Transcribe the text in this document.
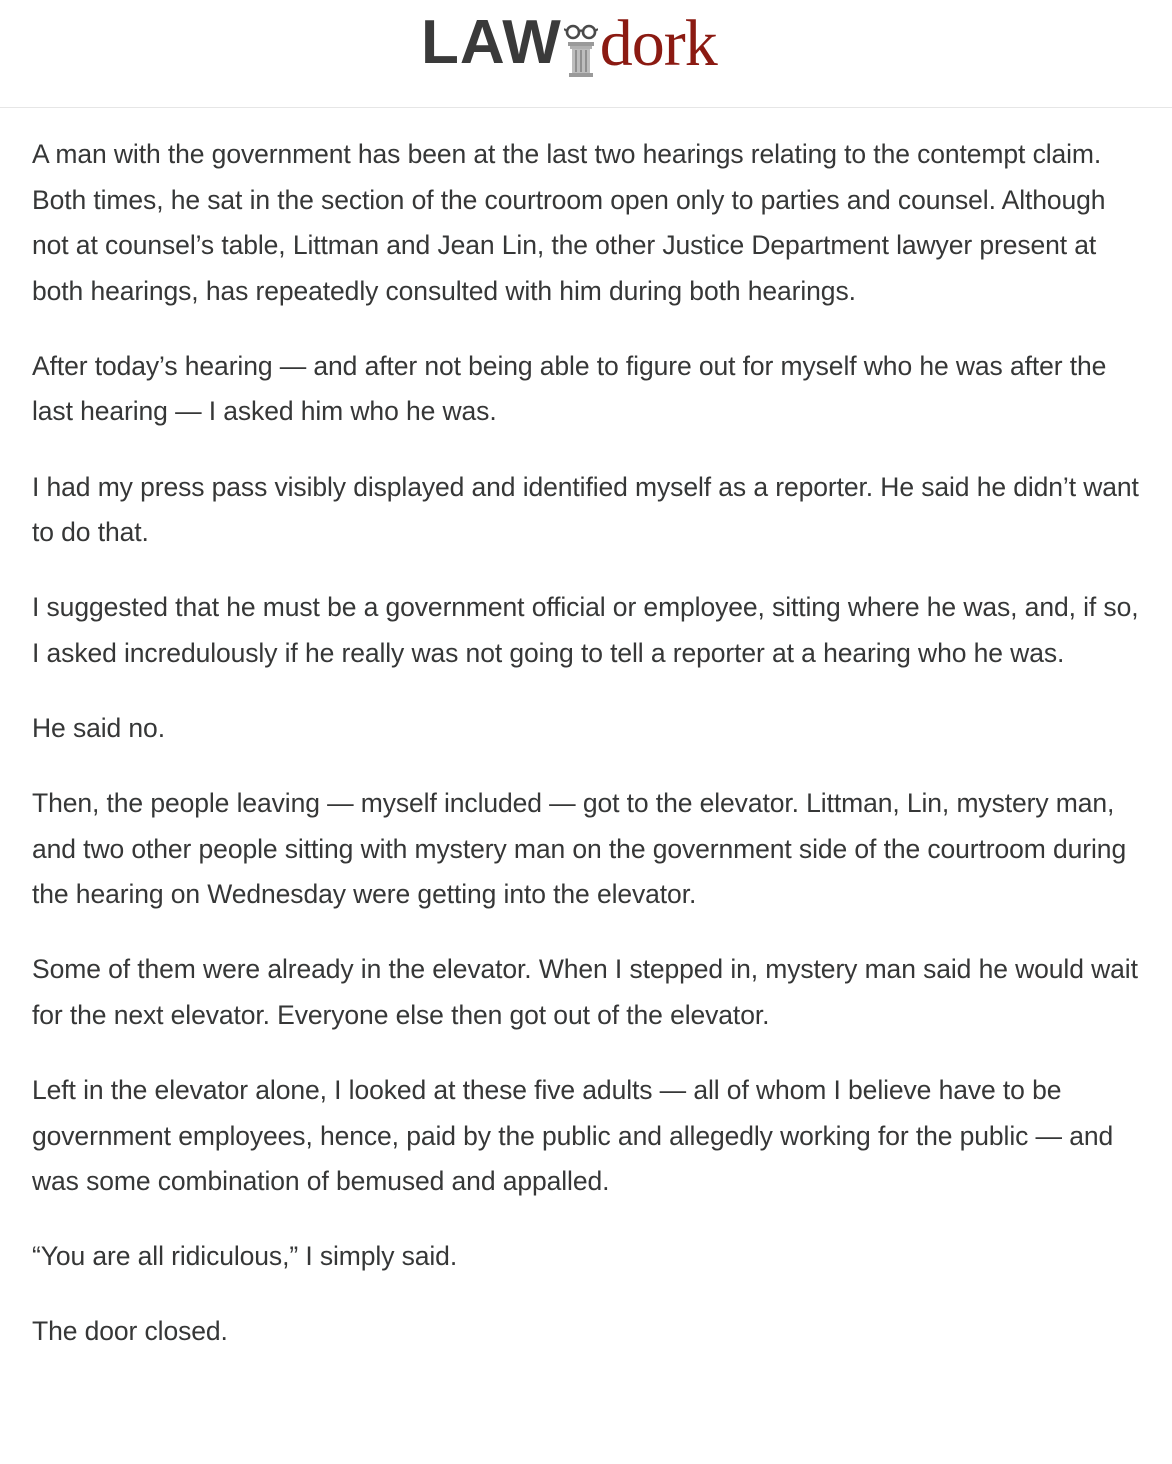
LAW dork

A man with the government has been at the last two hearings relating to the contempt claim. Both times, he sat in the section of the courtroom open only to parties and counsel. Although not at counsel’s table, Littman and Jean Lin, the other Justice Department lawyer present at both hearings, has repeatedly consulted with him during both hearings.

After today’s hearing — and after not being able to figure out for myself who he was after the last hearing — I asked him who he was.

I had my press pass visibly displayed and identified myself as a reporter. He said he didn’t want to do that.

I suggested that he must be a government official or employee, sitting where he was, and, if so, I asked incredulously if he really was not going to tell a reporter at a hearing who he was.

He said no.

Then, the people leaving — myself included — got to the elevator. Littman, Lin, mystery man, and two other people sitting with mystery man on the government side of the courtroom during the hearing on Wednesday were getting into the elevator.

Some of them were already in the elevator. When I stepped in, mystery man said he would wait for the next elevator. Everyone else then got out of the elevator.

Left in the elevator alone, I looked at these five adults — all of whom I believe have to be government employees, hence, paid by the public and allegedly working for the public — and was some combination of bemused and appalled.

“You are all ridiculous,” I simply said.

The door closed.
